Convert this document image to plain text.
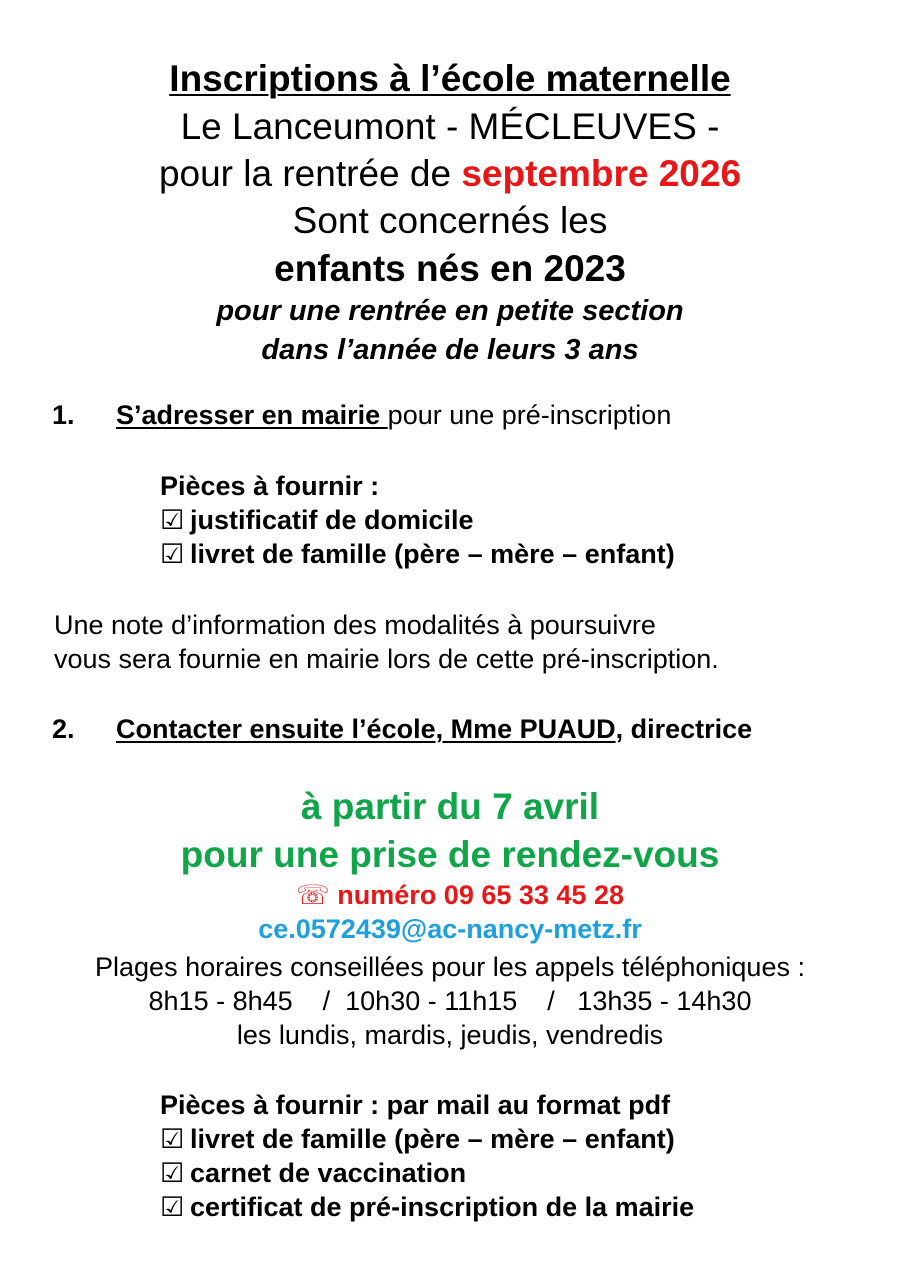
Inscriptions à l’école maternelle
Le Lanceumont - MÉCLEUVES -
pour la rentrée de septembre 2026
Sont concernés les
enfants nés en 2023
pour une rentrée en petite section
dans l’année de leurs 3 ans
1. S’adresser en mairie pour une pré-inscription
Pièces à fournir :
☑ justificatif de domicile
☑ livret de famille (père – mère – enfant)
Une note d’information des modalités à poursuivre
vous sera fournie en mairie lors de cette pré-inscription.
2. Contacter ensuite l’école, Mme PUAUD, directrice
à partir du 7 avril
pour une prise de rendez-vous
☏ numéro 09 65 33 45 28
ce.0572439@ac-nancy-metz.fr
Plages horaires conseillées pour les appels téléphoniques :
8h15 - 8h45    /  10h30 - 11h15    /   13h35 - 14h30
les lundis, mardis, jeudis, vendredis
Pièces à fournir : par mail au format pdf
☑ livret de famille (père – mère – enfant)
☑ carnet de vaccination
☑ certificat de pré-inscription de la mairie
